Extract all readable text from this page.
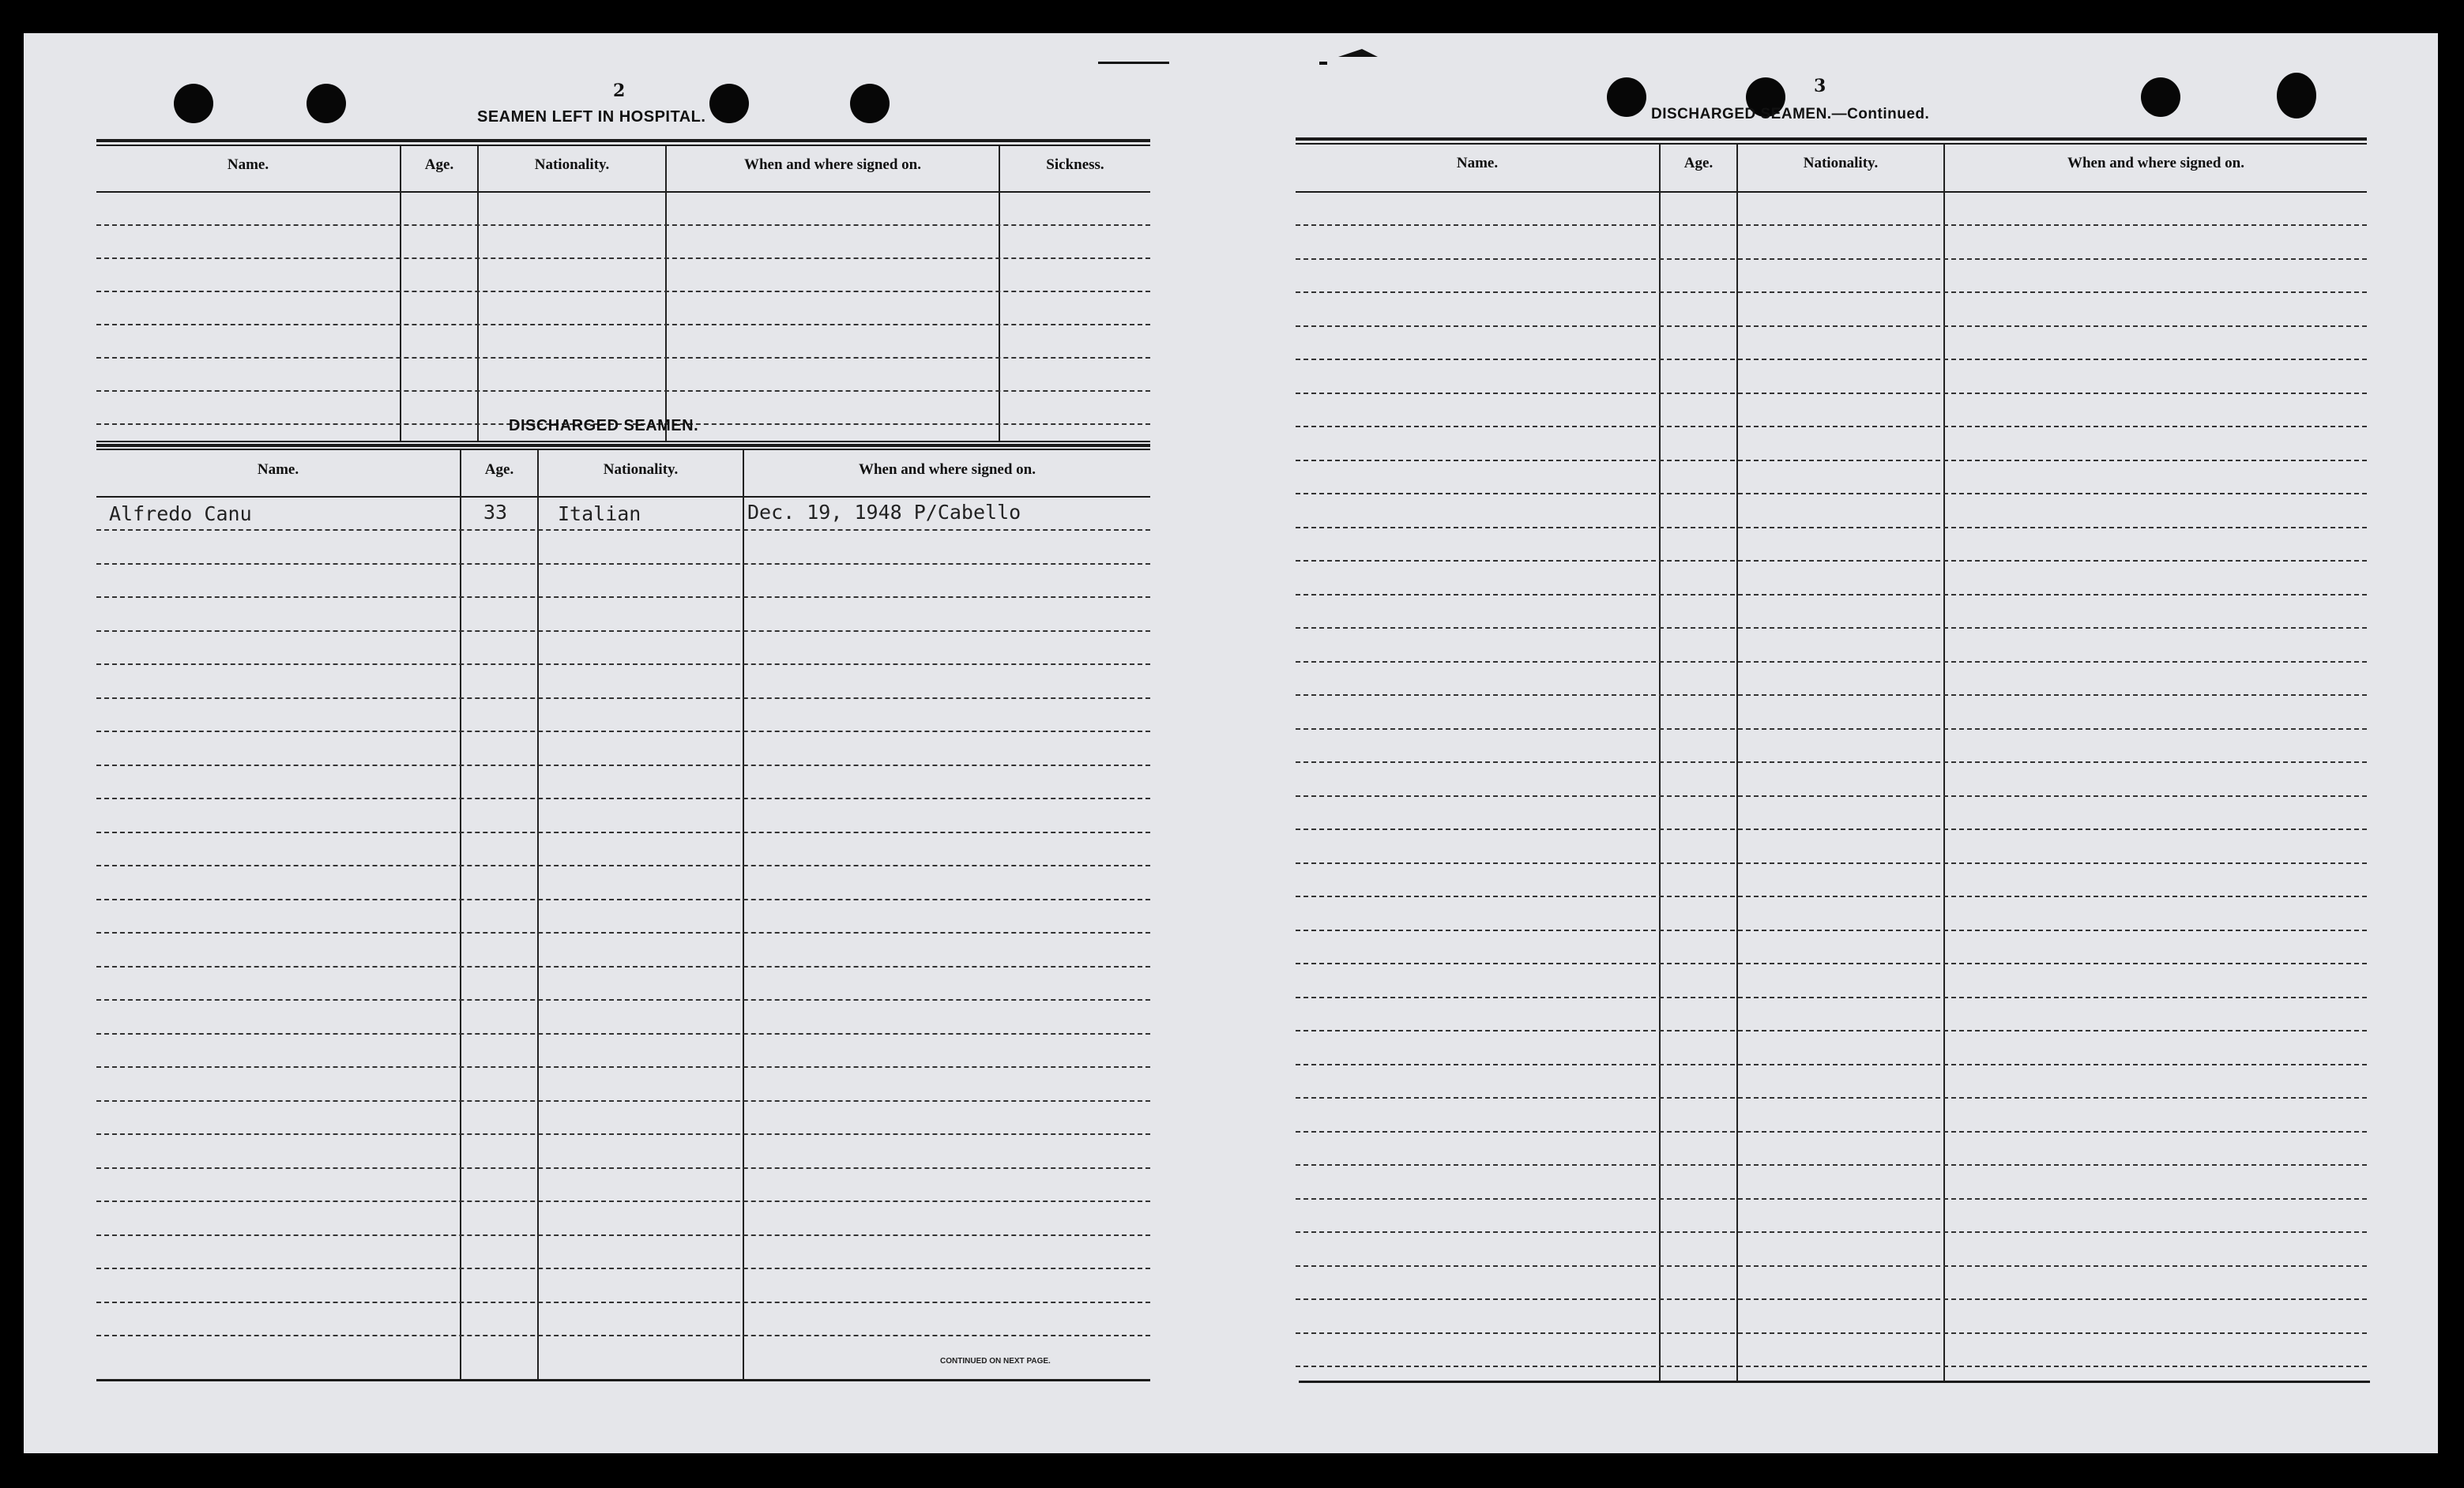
2
SEAMEN LEFT IN HOSPITAL.
Name.	Age.	Nationality.	When and where signed on.	Sickness.
DISCHARGED SEAMEN.
Name.	Age.	Nationality.	When and where signed on.
Alfredo Canu	33	Italian	Dec. 19, 1948 P/Cabello
CONTINUED ON NEXT PAGE.
3
DISCHARGED SEAMEN.—Continued.
Name.	Age.	Nationality.	When and where signed on.
